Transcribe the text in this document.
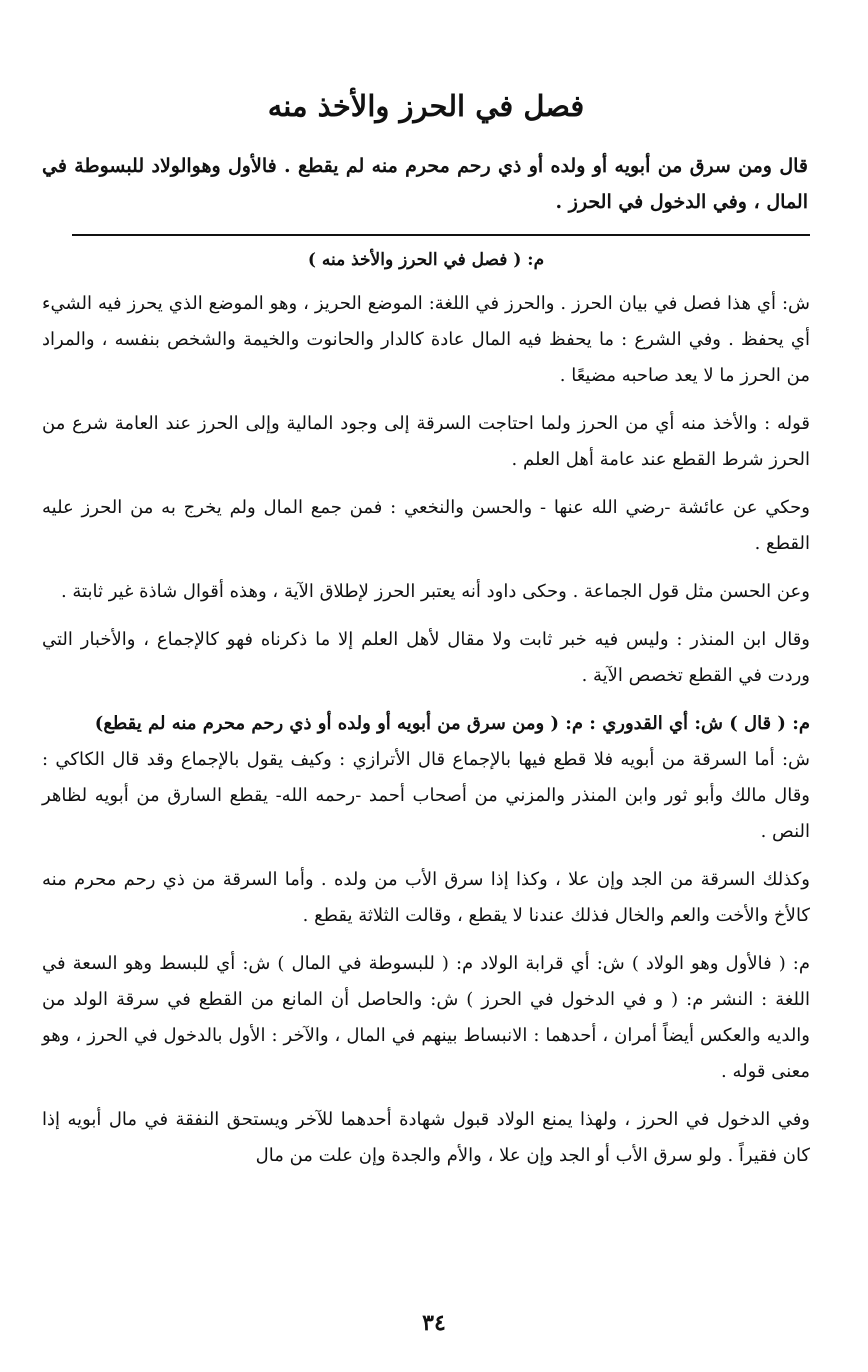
فصل في الحرز والأخذ منه

قال ومن سرق من أبويه أو ولده أو ذي رحم محرم منه لم يقطع . فالأول وهوالولاد للبسوطة في المال ، وفي الدخول في الحرز .

م: ( فصل في الحرز والأخذ منه )

ش: أي هذا فصل في بيان الحرز . والحرز في اللغة: الموضع الحريز ، وهو الموضع الذي يحرز فيه الشيء أي يحفظ . وفي الشرع : ما يحفظ فيه المال عادة كالدار والحانوت والخيمة والشخص بنفسه ، والمراد من الحرز ما لا يعد صاحبه مضيعًا .

قوله : والأخذ منه أي من الحرز ولما احتاجت السرقة إلى وجود المالية وإلى الحرز عند العامة شرع من الحرز شرط القطع عند عامة أهل العلم .

وحكي عن عائشة -رضي الله عنها - والحسن والنخعي : فمن جمع المال ولم يخرج به من الحرز عليه القطع .

وعن الحسن مثل قول الجماعة . وحكى داود أنه يعتبر الحرز لإطلاق الآية ، وهذه أقوال شاذة غير ثابتة .

وقال ابن المنذر : وليس فيه خبر ثابت ولا مقال لأهل العلم إلا ما ذكرناه فهو كالإجماع ، والأخبار التي وردت في القطع تخصص الآية .

م: ( قال ) ش: أي القدوري : م: ( ومن سرق من أبويه أو ولده أو ذي رحم محرم منه لم يقطع)
ش: أما السرقة من أبويه فلا قطع فيها بالإجماع قال الأترازي : وكيف يقول بالإجماع وقد قال الكاكي : وقال مالك وأبو ثور وابن المنذر والمزني من أصحاب أحمد -رحمه الله- يقطع السارق من أبويه لظاهر النص .

وكذلك السرقة من الجد وإن علا ، وكذا إذا سرق الأب من ولده . وأما السرقة من ذي رحم محرم منه كالأخ والأخت والعم والخال فذلك عندنا لا يقطع ، وقالت الثلاثة يقطع .

م: ( فالأول وهو الولاد ) ش: أي قرابة الولاد م: ( للبسوطة في المال ) ش: أي للبسط وهو السعة في اللغة : النشر م: ( و في الدخول في الحرز ) ش: والحاصل أن المانع من القطع في سرقة الولد من والديه والعكس أيضاً أمران ، أحدهما : الانبساط بينهم في المال ، والآخر : الأول بالدخول في الحرز ، وهو معنى قوله .

وفي الدخول في الحرز ، ولهذا يمنع الولاد قبول شهادة أحدهما للآخر ويستحق النفقة في مال أبويه إذا كان فقيراً . ولو سرق الأب أو الجد وإن علا ، والأم والجدة وإن علت من مال

٣٤
